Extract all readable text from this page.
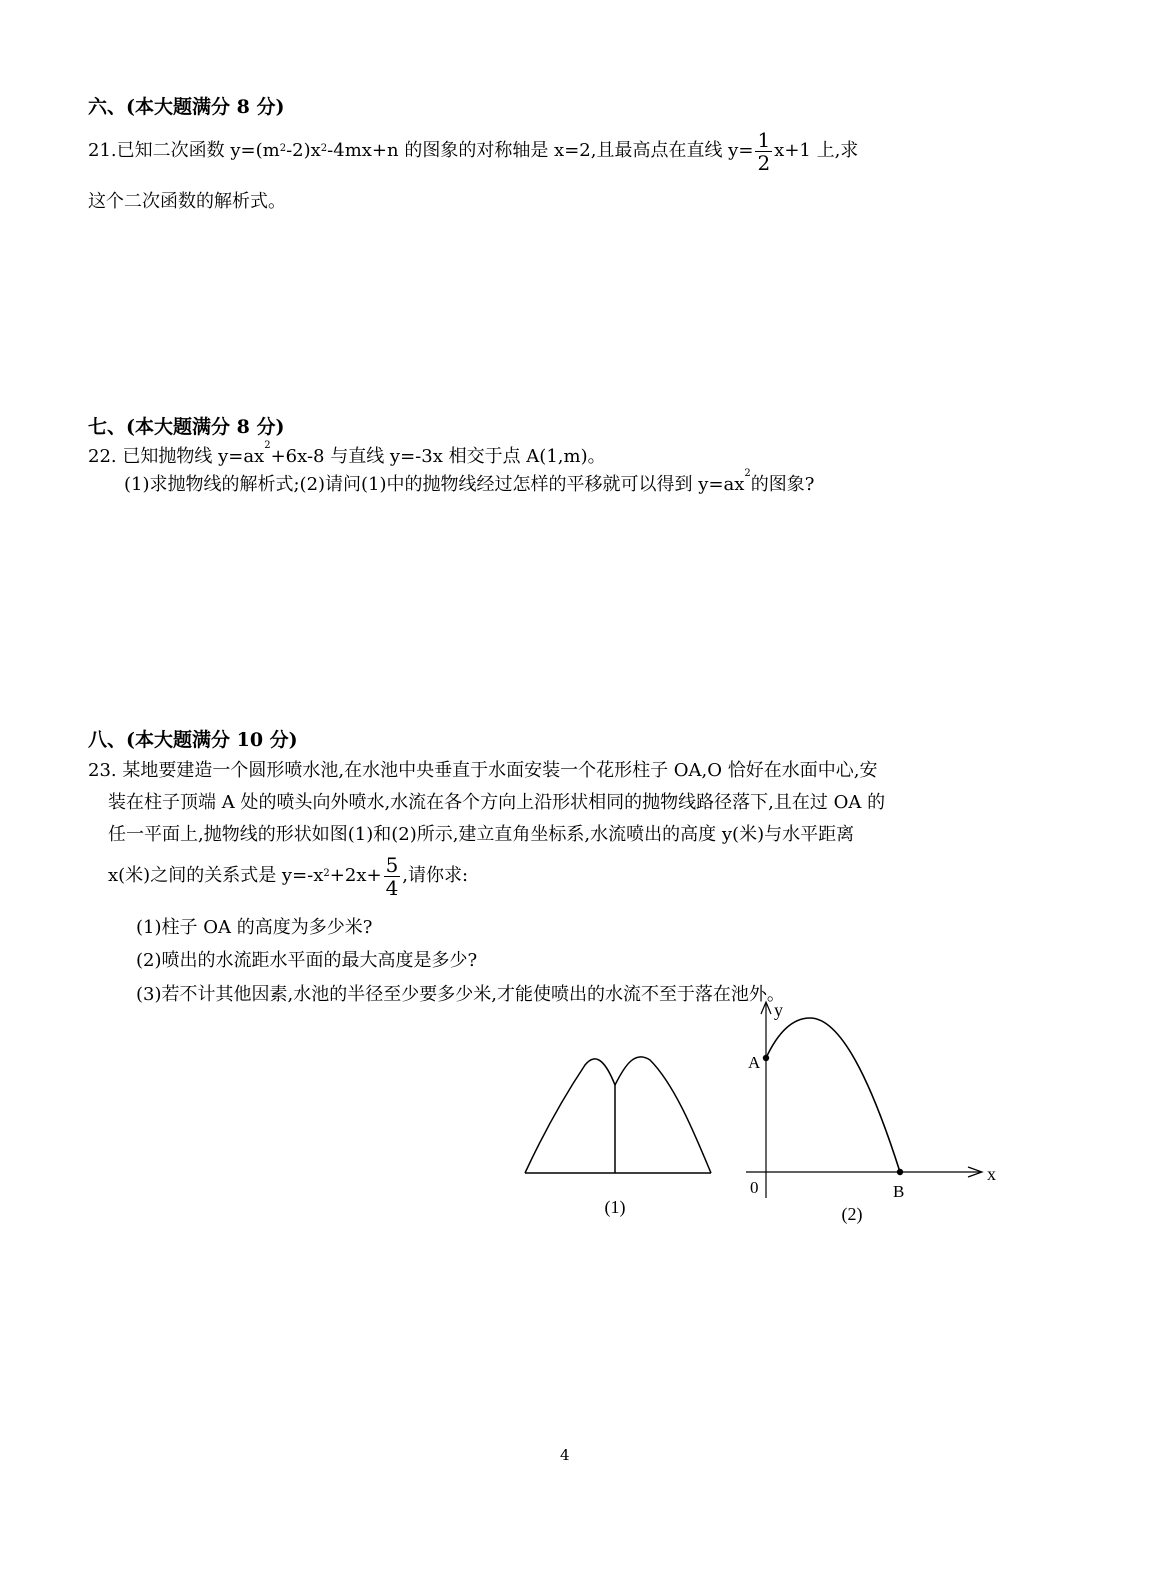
六、(本大题满分 8 分)
21.已知二次函数 $y=(m^2-2)x^2-4mx+n$ 的图象的对称轴是 x=2,且最高点在直线 $y= \frac{1}{2} x+1$ 上,求
这个二次函数的解析式。
七、(本大题满分 8 分)
22. 已知抛物线 $y=ax^2+6x-8$ 与直线 y=-3x 相交于点 A(1,m)。
(1)求抛物线的解析式;(2)请问(1)中的抛物线经过怎样的平移就可以得到 $y=ax^2$的图象?
八、(本大题满分 10 分)
23. 某地要建造一个圆形喷水池,在水池中央垂直于水面安装一个花形柱子 OA,O 恰好在水面中心,安
装在柱子顶端 A 处的喷头向外喷水,水流在各个方向上沿形状相同的抛物线路径落下,且在过 OA 的
任一平面上,抛物线的形状如图(1)和(2)所示,建立直角坐标系,水流喷出的高度 y(米)与水平距离
x(米)之间的关系式是 $y=-x^2+2x+ \frac{5}{4}$ ,请你求:
(1)柱子 OA 的高度为多少米?
(2)喷出的水流距水平面的最大高度是多少?
(3)若不计其他因素,水池的半径至少要多少米,才能使喷出的水流不至于落在池外。
(1)
y
x
0
A
B
(2)
4
